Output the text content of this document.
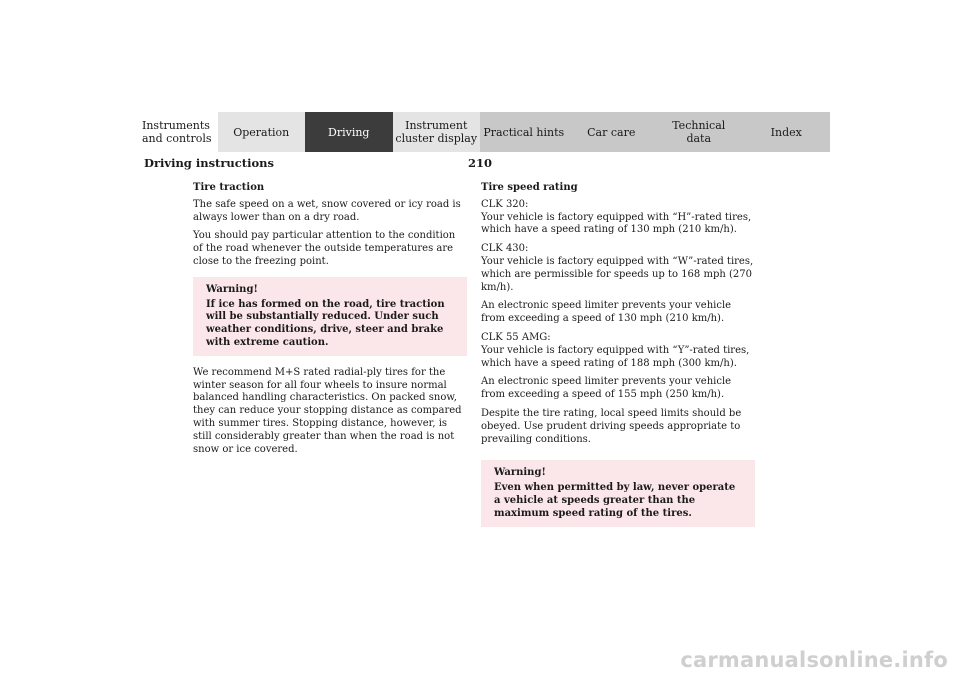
Instruments
and controls Operation	Driving	Instrument
cluster display Practical hints Car care	Technical
data	Index
Driving instructions	210
Tire traction

The safe speed on a wet, snow covered or icy road is always lower than on a dry road.

You should pay particular attention to the condition of the road whenever the outside temperatures are close to the freezing point.

Warning!
If ice has formed on the road, tire traction will be substantially reduced. Under such weather conditions, drive, steer and brake with extreme caution.

We recommend M+S rated radial-ply tires for the winter season for all four wheels to insure normal balanced handling characteristics. On packed snow, they can reduce your stopping distance as compared with summer tires. Stopping distance, however, is still considerably greater than when the road is not snow or ice covered.

Tire speed rating
CLK 320:

Your vehicle is factory equipped with “H”-rated tires, which have a speed rating of 130 mph (210 km/h).

CLK 430:

Your vehicle is factory equipped with “W”-rated tires, which are permissible for speeds up to 168 mph (270 km/h).

An electronic speed limiter prevents your vehicle from exceeding a speed of 130 mph (210 km/h).

CLK 55 AMG:

Your vehicle is factory equipped with “Y”-rated tires, which have a speed rating of 188 mph (300 km/h).

An electronic speed limiter prevents your vehicle from exceeding a speed of 155 mph (250 km/h).

Despite the tire rating, local speed limits should be obeyed. Use prudent driving speeds appropriate to prevailing conditions.

Warning!
Even when permitted by law, never operate a vehicle at speeds greater than the maximum speed rating of the tires.
carmanualsonline.info
